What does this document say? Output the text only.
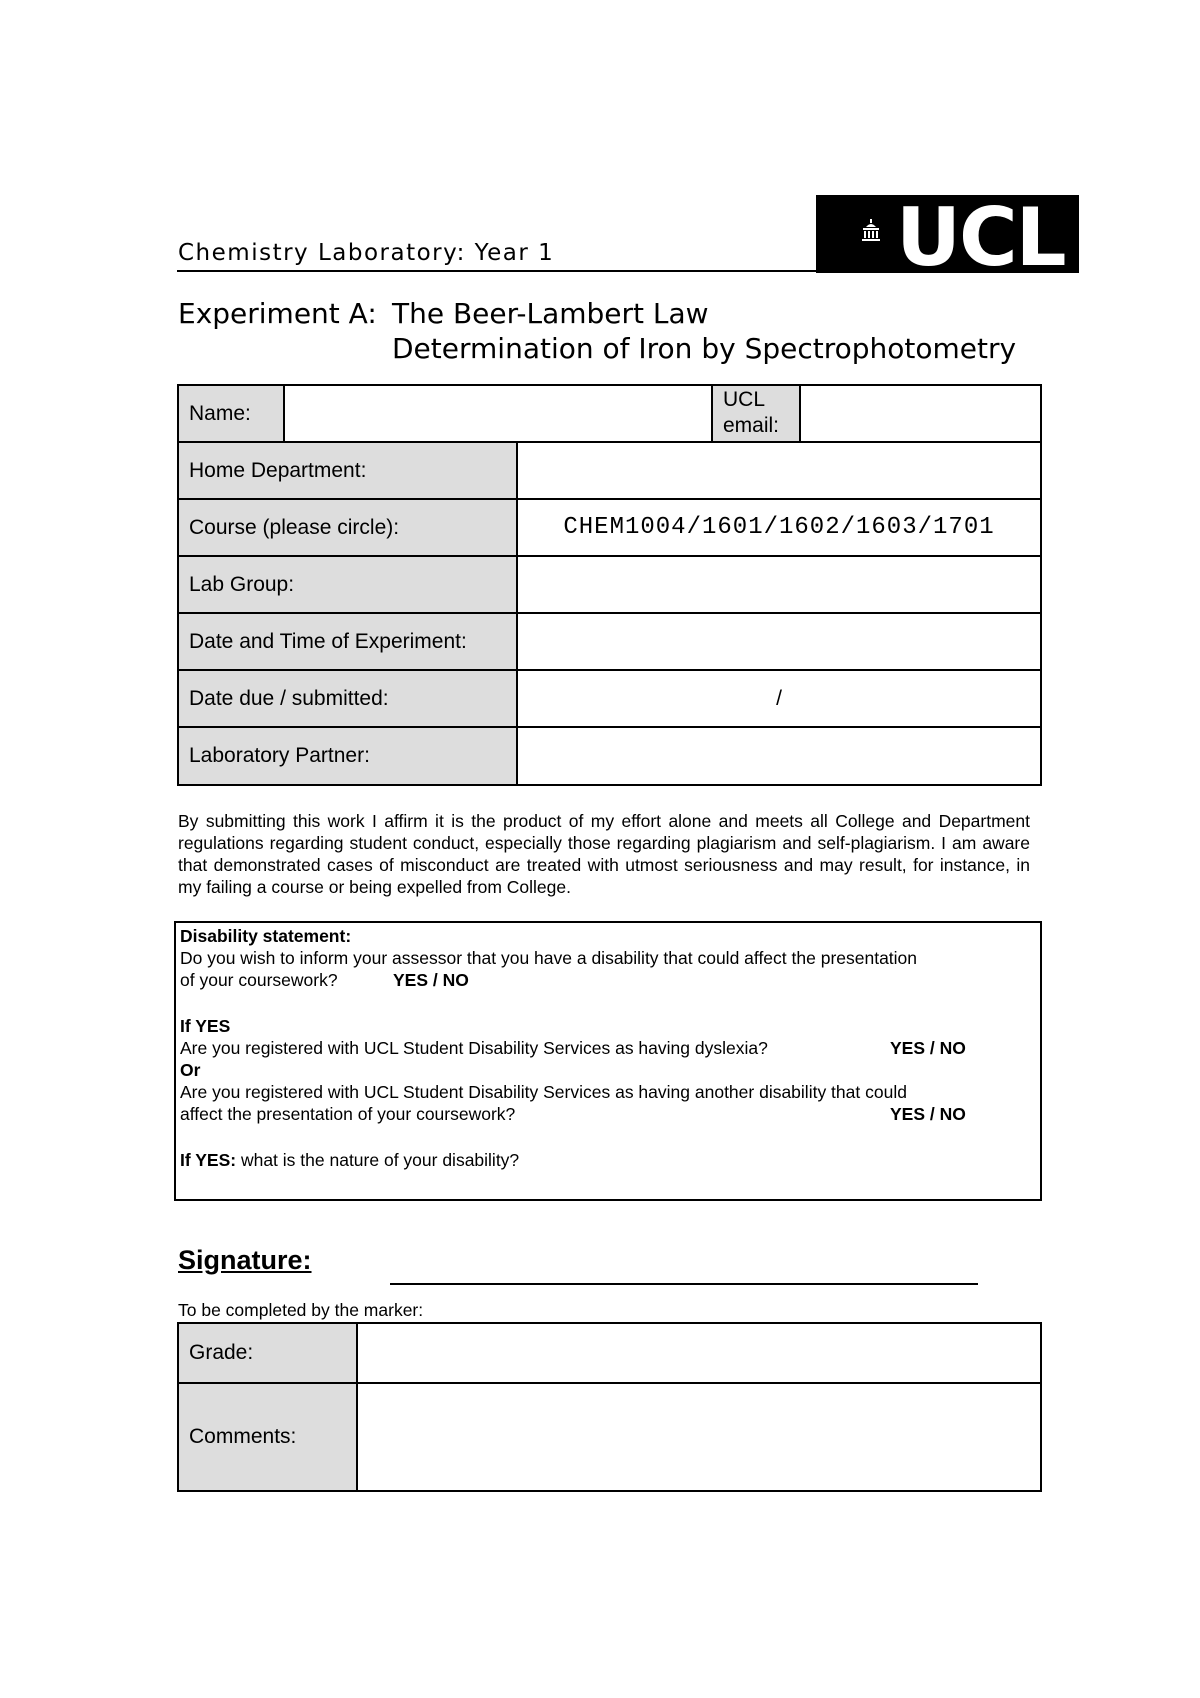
Chemistry Laboratory: Year 1	UCL
Experiment A: The Beer-Lambert Law
Determination of Iron by Spectrophotometry
Name:
UCL
email:
Home Department:
Course (please circle):	CHEM1004/1601/1602/1603/1701
Lab Group:
Date and Time of Experiment:
Date due / submitted:	/
Laboratory Partner:
By submitting this work I affirm it is the product of my effort alone and meets all College and Department regulations regarding student conduct, especially those regarding plagiarism and self-plagiarism. I am aware that demonstrated cases of misconduct are treated with utmost seriousness and may result, for instance, in my failing a course or being expelled from College.
Disability statement:
Do you wish to inform your assessor that you have a disability that could affect the presentation
of your coursework?	YES / NO
If YES
Are you registered with UCL Student Disability Services as having dyslexia?	YES / NO
Or
Are you registered with UCL Student Disability Services as having another disability that could
affect the presentation of your coursework?	YES / NO
If YES: what is the nature of your disability?
Signature:
To be completed by the marker:
Grade:
Comments:
